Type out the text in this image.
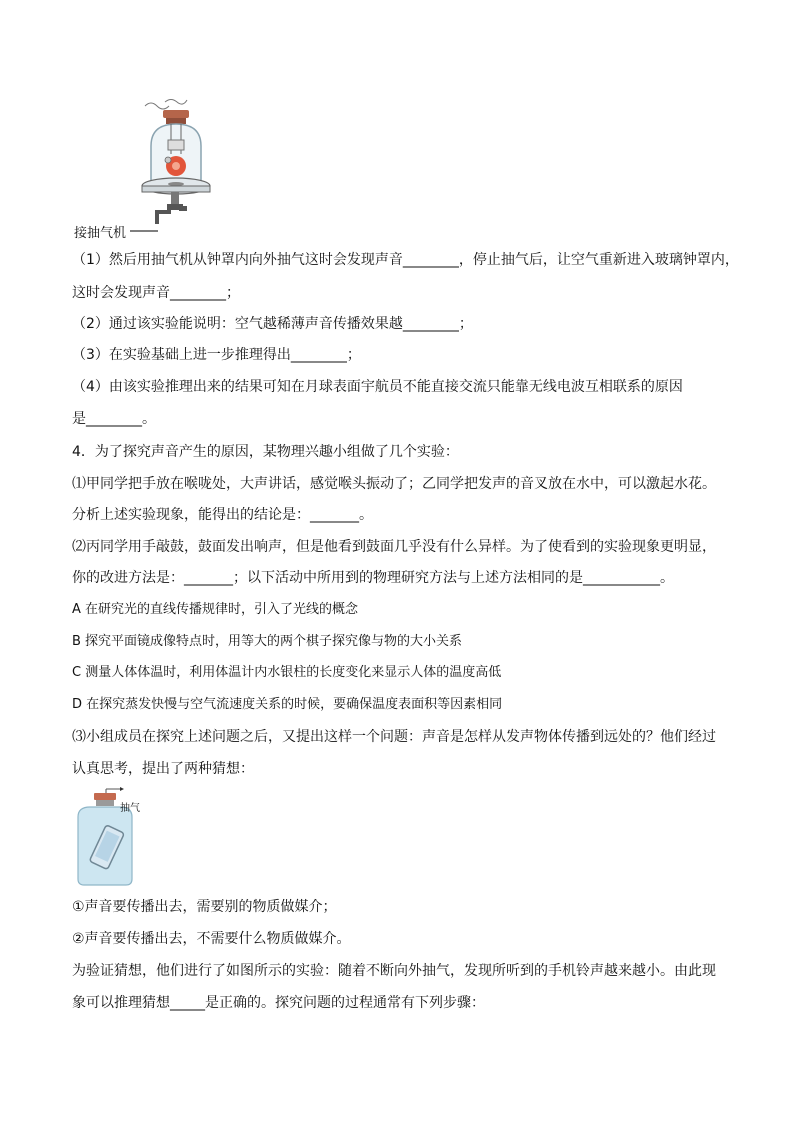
接抽气机
（1）然后用抽气机从钟罩内向外抽气这时会发现声音________，停止抽气后，让空气重新进入玻璃钟罩内，
这时会发现声音________；
（2）通过该实验能说明：空气越稀薄声音传播效果越________；
（3）在实验基础上进一步推理得出________；
（4）由该实验推理出来的结果可知在月球表面宇航员不能直接交流只能靠无线电波互相联系的原因
是________。
4．为了探究声音产生的原因，某物理兴趣小组做了几个实验：
⑴甲同学把手放在喉咙处，大声讲话，感觉喉头振动了；乙同学把发声的音叉放在水中，可以激起水花。
分析上述实验现象，能得出的结论是：_______。
⑵丙同学用手敲鼓，鼓面发出响声，但是他看到鼓面几乎没有什么异样。为了使看到的实验现象更明显，
你的改进方法是：_______；以下活动中所用到的物理研究方法与上述方法相同的是___________。
A 在研究光的直线传播规律时，引入了光线的概念
B 探究平面镜成像特点时，用等大的两个棋子探究像与物的大小关系
C 测量人体体温时，利用体温计内水银柱的长度变化来显示人体的温度高低
D 在探究蒸发快慢与空气流速度关系的时候，要确保温度表面积等因素相同
⑶小组成员在探究上述问题之后，又提出这样一个问题：声音是怎样从发声物体传播到远处的？他们经过
认真思考，提出了两种猜想：
抽气
①声音要传播出去，需要别的物质做媒介；
②声音要传播出去，不需要什么物质做媒介。
为验证猜想，他们进行了如图所示的实验：随着不断向外抽气，发现所听到的手机铃声越来越小。由此现
象可以推理猜想_____是正确的。探究问题的过程通常有下列步骤：
